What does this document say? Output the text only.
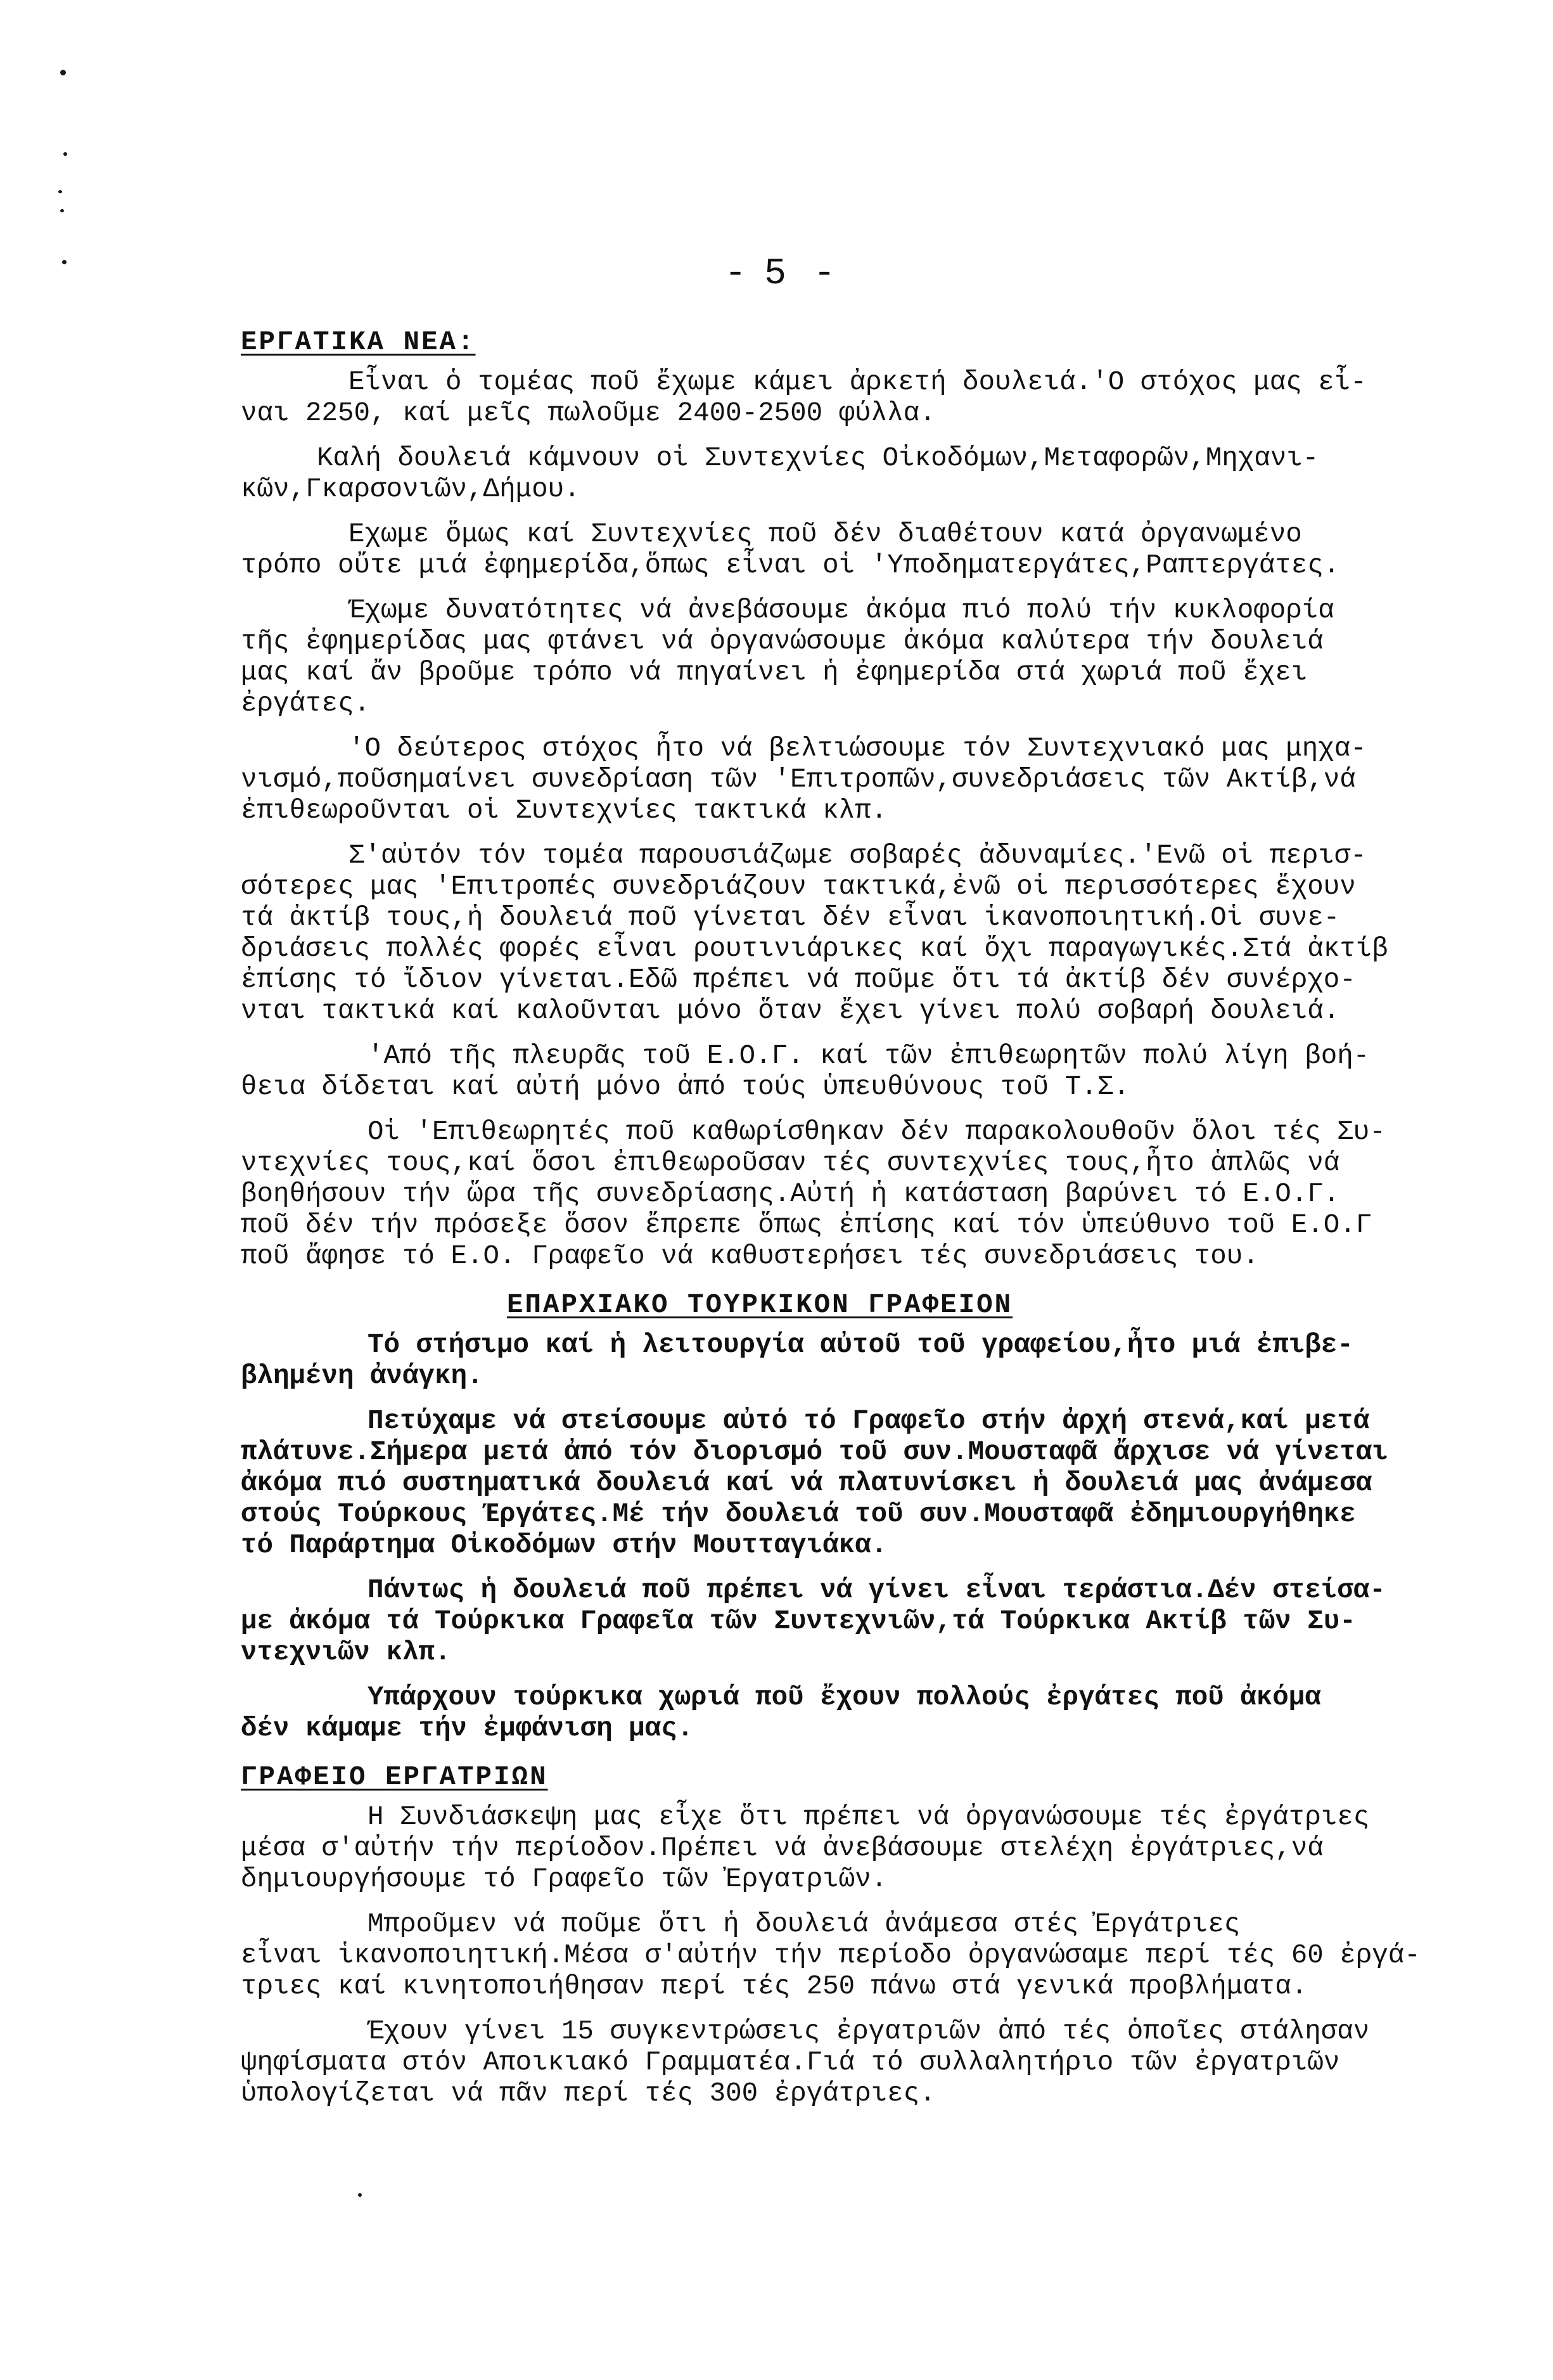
- 5 -
ΕΡΓΑΤΙΚΑ ΝΕΑ:
Εἶναι ὁ τομέας ποῦ ἔχωμε κάμει ἀρκετή δουλειά.'Ο στόχος μας εἶ-
ναι 2250, καί μεῖς πωλοῦμε 2400-2500 φύλλα.
Καλή δουλειά κάμνουν οἱ Συντεχνίες Οἰκοδόμων,Μεταφορῶν,Μηχανι-
κῶν,Γκαρσονιῶν,Δήμου.
Εχωμε ὅμως καί Συντεχνίες ποῦ δέν διαθέτουν κατά ὀργανωμένο
τρόπο οὔτε μιά ἐφημερίδα,ὅπως εἶναι οἱ 'Υποδηματεργάτες,Ραπτεργάτες.
Έχωμε δυνατότητες νά ἀνεβάσουμε ἀκόμα πιό πολύ τήν κυκλοφορία
τῆς ἐφημερίδας μας φτάνει νά ὀργανώσουμε ἀκόμα καλύτερα τήν δουλειά
μας καί ἄν βροῦμε τρόπο νά πηγαίνει ἡ ἐφημερίδα στά χωριά ποῦ ἔχει
ἐργάτες.
'Ο δεύτερος στόχος ἦτο νά βελτιώσουμε τόν Συντεχνιακό μας μηχα-
νισμό,ποῦσημαίνει συνεδρίαση τῶν 'Επιτροπῶν,συνεδριάσεις τῶν Ακτίβ,νά
ἐπιθεωροῦνται οἱ Συντεχνίες τακτικά κλπ.
Σ'αὐτόν τόν τομέα παρουσιάζωμε σοβαρές ἀδυναμίες.'Ενῶ οἱ περισ-
σότερες μας 'Επιτροπές συνεδριάζουν τακτικά,ἐνῶ οἱ περισσότερες ἔχουν
τά ἀκτίβ τους,ἡ δουλειά ποῦ γίνεται δέν εἶναι ἱκανοποιητική.Οἱ συνε-
δριάσεις πολλές φορές εἶναι ρουτινιάρικες καί ὄχι παραγωγικές.Στά ἀκτίβ
ἐπίσης τό ἴδιον γίνεται.Εδῶ πρέπει νά ποῦμε ὅτι τά ἀκτίβ δέν συνέρχο-
νται τακτικά καί καλοῦνται μόνο ὅταν ἔχει γίνει πολύ σοβαρή δουλειά.
'Από τῆς πλευρᾶς τοῦ Ε.Ο.Γ. καί τῶν ἐπιθεωρητῶν πολύ λίγη βοή-
θεια δίδεται καί αὐτή μόνο ἀπό τούς ὑπευθύνους τοῦ Τ.Σ.
Οἱ 'Επιθεωρητές ποῦ καθωρίσθηκαν δέν παρακολουθοῦν ὅλοι τές Συ-
ντεχνίες τους,καί ὅσοι ἐπιθεωροῦσαν τές συντεχνίες τους,ἦτο ἁπλῶς νά
βοηθήσουν τήν ὥρα τῆς συνεδρίασης.Αὐτή ἡ κατάσταση βαρύνει τό Ε.Ο.Γ.
ποῦ δέν τήν πρόσεξε ὅσον ἔπρεπε ὅπως ἐπίσης καί τόν ὑπεύθυνο τοῦ Ε.Ο.Γ
ποῦ ἄφησε τό Ε.Ο. Γραφεῖο νά καθυστερήσει τές συνεδριάσεις του.
ΕΠΑΡΧΙΑΚΟ ΤΟΥΡΚΙΚΟΝ ΓΡΑΦΕΙΟΝ
Τό στήσιμο καί ἡ λειτουργία αὐτοῦ τοῦ γραφείου,ἦτο μιά ἐπιβε-
βλημένη ἀνάγκη.
Πετύχαμε νά στείσουμε αὐτό τό Γραφεῖο στήν ἀρχή στενά,καί μετά
πλάτυνε.Σήμερα μετά ἀπό τόν διορισμό τοῦ συν.Μουσταφᾶ ἄρχισε νά γίνεται
ἀκόμα πιό συστηματικά δουλειά καί νά πλατυνίσκει ἡ δουλειά μας ἀνάμεσα
στούς Τούρκους Έργάτες.Μέ τήν δουλειά τοῦ συν.Μουσταφᾶ ἐδημιουργήθηκε
τό Παράρτημα Οἰκοδόμων στήν Μουτταγιάκα.
Πάντως ἡ δουλειά ποῦ πρέπει νά γίνει εἶναι τεράστια.Δέν στείσα-
με ἀκόμα τά Τούρκικα Γραφεῖα τῶν Συντεχνιῶν,τά Τούρκικα Ακτίβ τῶν Συ-
ντεχνιῶν κλπ.
Υπάρχουν τούρκικα χωριά ποῦ ἔχουν πολλούς ἐργάτες ποῦ ἀκόμα
δέν κάμαμε τήν ἐμφάνιση μας.
ΓΡΑΦΕΙΟ ΕΡΓΑΤΡΙΩΝ
Η Συνδιάσκεψη μας εἶχε ὅτι πρέπει νά ὀργανώσουμε τές ἐργάτριες
μέσα σ'αὐτήν τήν περίοδον.Πρέπει νά ἀνεβάσουμε στελέχη ἐργάτριες,νά
δημιουργήσουμε τό Γραφεῖο τῶν Ἐργατριῶν.
Μπροῦμεν νά ποῦμε ὅτι ἡ δουλειά ἀνάμεσα στές Ἐργάτριες
εἶναι ἱκανοποιητική.Μέσα σ'αὐτήν τήν περίοδο ὀργανώσαμε περί τές 60 ἐργά-
τριες καί κινητοποιήθησαν περί τές 250 πάνω στά γενικά προβλήματα.
Έχουν γίνει 15 συγκεντρώσεις ἐργατριῶν ἀπό τές ὁποῖες στάλησαν
ψηφίσματα στόν Αποικιακό Γραμματέα.Γιά τό συλλαλητήριο τῶν ἐργατριῶν
ὑπολογίζεται νά πᾶν περί τές 300 ἐργάτριες.
